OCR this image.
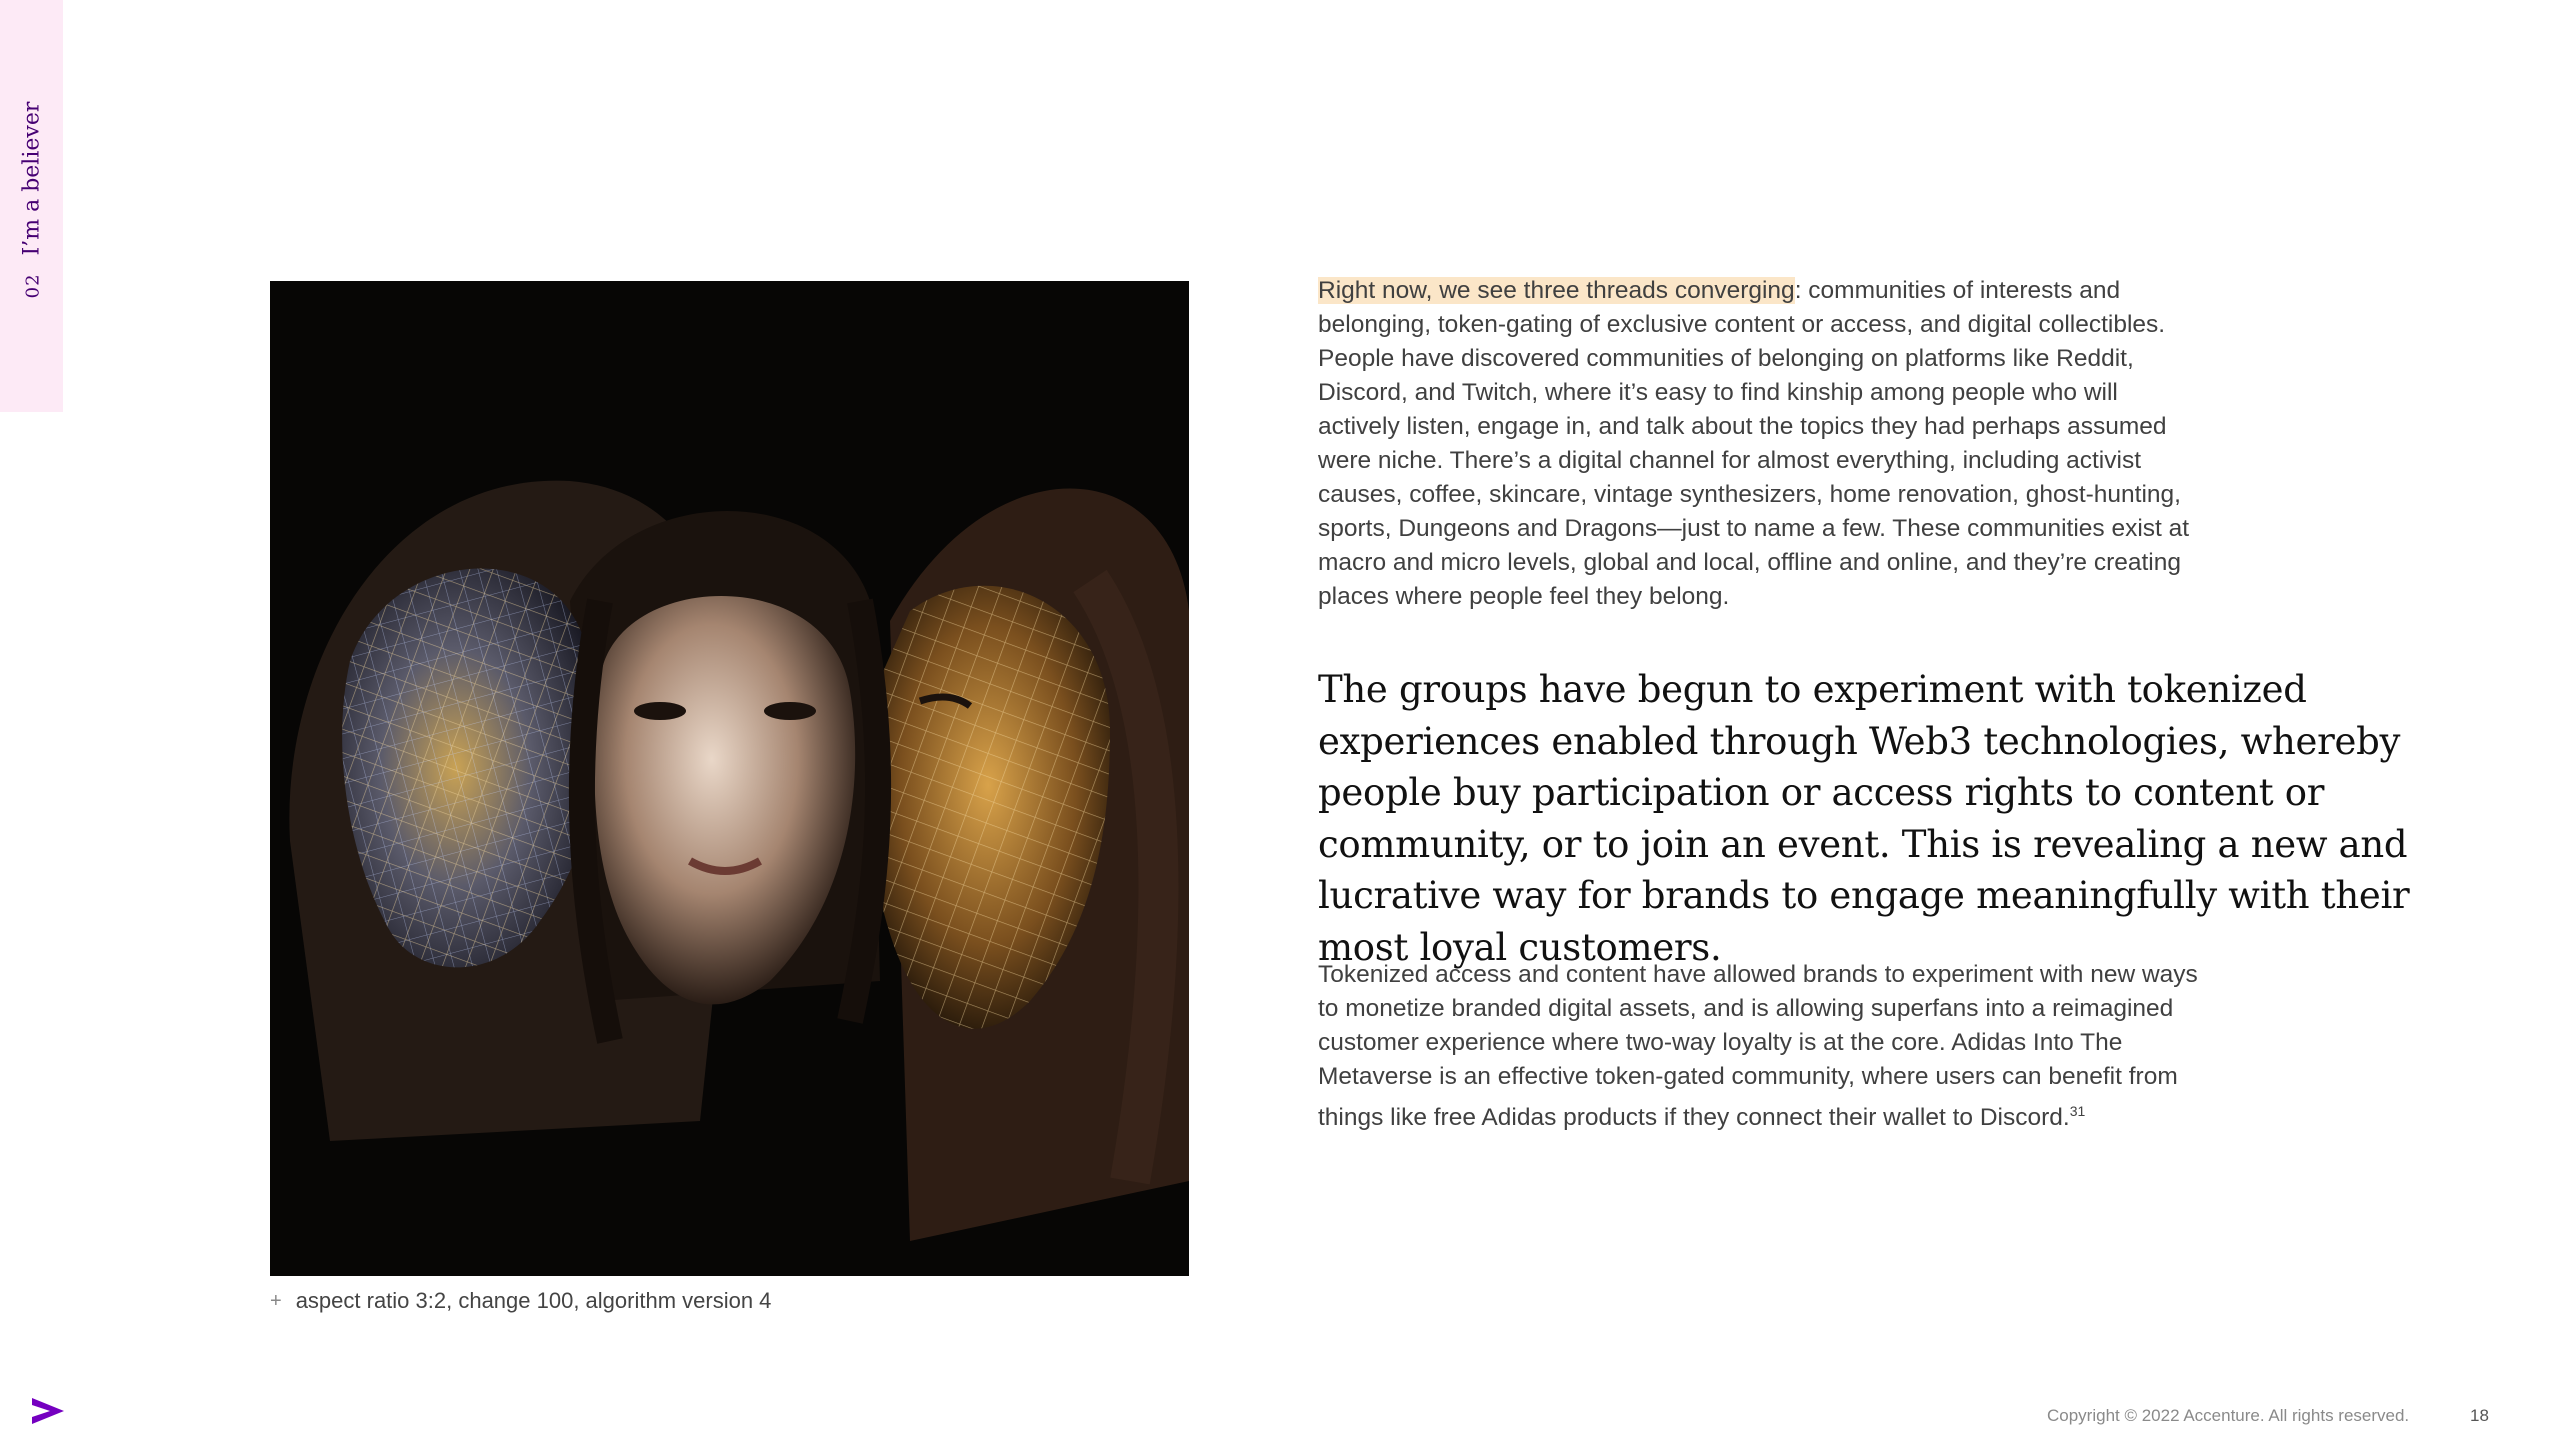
02
I’m a believer
+ aspect ratio 3:2, change 100, algorithm version 4
Right now, we see three threads converging: communities of interests and belonging, token-gating of exclusive content or access, and digital collectibles. People have discovered communities of belonging on platforms like Reddit, Discord, and Twitch, where it’s easy to find kinship among people who will actively listen, engage in, and talk about the topics they had perhaps assumed were niche. There’s a digital channel for almost everything, including activist causes, coffee, skincare, vintage synthesizers, home renovation, ghost-hunting, sports, Dungeons and Dragons—just to name a few. These communities exist at macro and micro levels, global and local, offline and online, and they’re creating places where people feel they belong.
The groups have begun to experiment with tokenized experiences enabled through Web3 technologies, whereby people buy participation or access rights to content or community, or to join an event. This is revealing a new and lucrative way for brands to engage meaningfully with their most loyal customers.
Tokenized access and content have allowed brands to experiment with new ways to monetize branded digital assets, and is allowing superfans into a reimagined customer experience where two-way loyalty is at the core. Adidas Into The Metaverse is an effective token-gated community, where users can benefit from things like free Adidas products if they connect their wallet to Discord.$^{31}$
Copyright © 2022 Accenture. All rights reserved.	18
